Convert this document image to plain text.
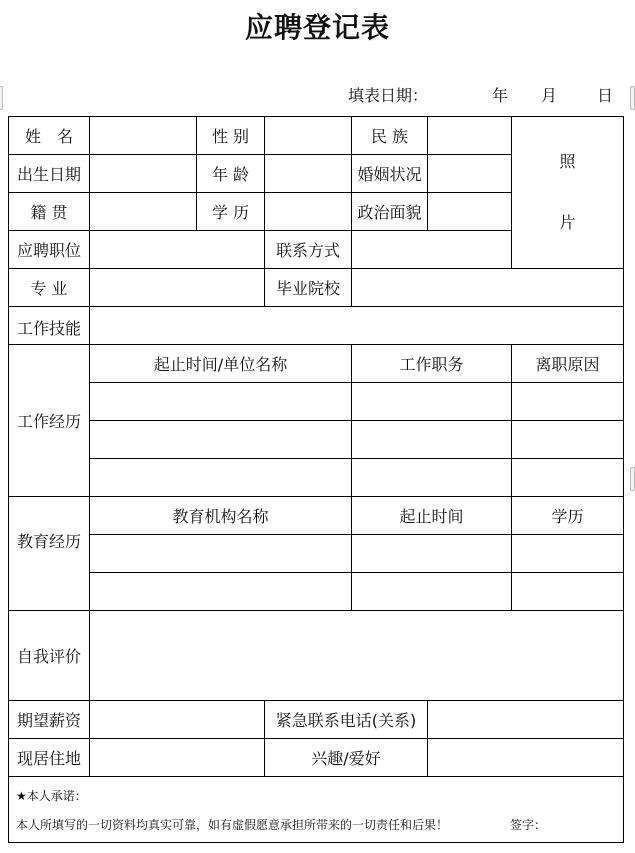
应聘登记表
填表日期：	年 月 日
姓　名	性 别	民 族
照
片
出生日期	年 龄	婚姻状况
籍 贯	学 历	政治面貌
应聘职位	联系方式
专 业	毕业院校
工作技能
工作经历
起止时间/单位名称	工作职务	离职原因
教育经历
教育机构名称	起止时间	学历
自我评价
期望薪资	紧急联系电话(关系)
现居住地	兴趣/爱好
★本人承诺：
本人所填写的一切资料均真实可靠，如有虚假愿意承担所带来的一切责任和后果！	签字：
